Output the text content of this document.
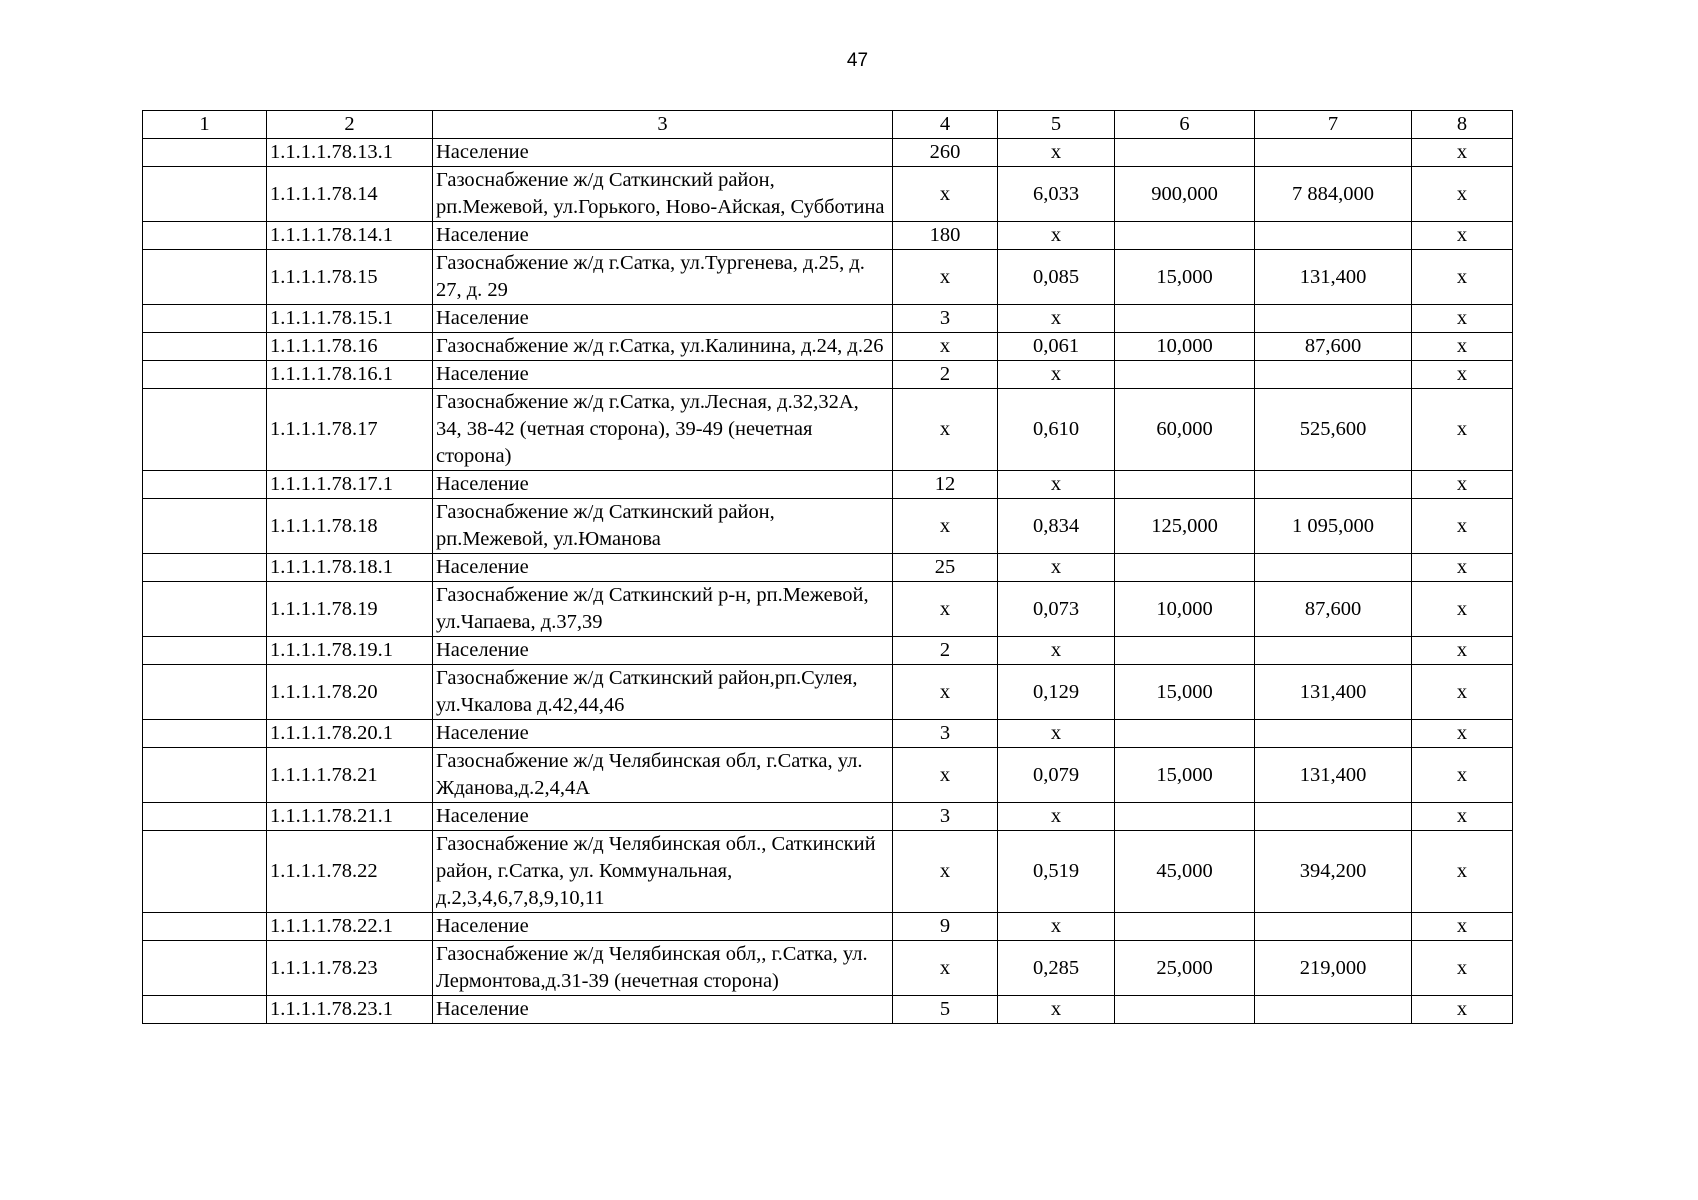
47
1	2	3	4	5	6	7	8
	1.1.1.1.78.13.1	Население	260	x			x
	1.1.1.1.78.14	Газоснабжение ж/д Саткинский район, рп.Межевой, ул.Горького, Ново-Айская, Субботина	x	6,033	900,000	7 884,000	x
	1.1.1.1.78.14.1	Население	180	x			x
	1.1.1.1.78.15	Газоснабжение ж/д г.Сатка, ул.Тургенева, д.25, д. 27, д. 29	x	0,085	15,000	131,400	x
	1.1.1.1.78.15.1	Население	3	x			x
	1.1.1.1.78.16	Газоснабжение ж/д г.Сатка, ул.Калинина, д.24, д.26	x	0,061	10,000	87,600	x
	1.1.1.1.78.16.1	Население	2	x			x
	1.1.1.1.78.17	Газоснабжение ж/д г.Сатка, ул.Лесная, д.32,32А, 34, 38-42 (четная сторона), 39-49 (нечетная сторона)	x	0,610	60,000	525,600	x
	1.1.1.1.78.17.1	Население	12	x			x
	1.1.1.1.78.18	Газоснабжение ж/д Саткинский район, рп.Межевой, ул.Юманова	x	0,834	125,000	1 095,000	x
	1.1.1.1.78.18.1	Население	25	x			x
	1.1.1.1.78.19	Газоснабжение ж/д Саткинский р-н, рп.Межевой, ул.Чапаева, д.37,39	x	0,073	10,000	87,600	x
	1.1.1.1.78.19.1	Население	2	x			x
	1.1.1.1.78.20	Газоснабжение ж/д Саткинский район,рп.Сулея, ул.Чкалова д.42,44,46	x	0,129	15,000	131,400	x
	1.1.1.1.78.20.1	Население	3	x			x
	1.1.1.1.78.21	Газоснабжение ж/д Челябинская обл, г.Сатка, ул. Жданова,д.2,4,4А	x	0,079	15,000	131,400	x
	1.1.1.1.78.21.1	Население	3	x			x
	1.1.1.1.78.22	Газоснабжение ж/д Челябинская обл., Саткинский район, г.Сатка, ул. Коммунальная, д.2,3,4,6,7,8,9,10,11	x	0,519	45,000	394,200	x
	1.1.1.1.78.22.1	Население	9	x			x
	1.1.1.1.78.23	Газоснабжение ж/д Челябинская обл,, г.Сатка, ул. Лермонтова,д.31-39 (нечетная сторона)	x	0,285	25,000	219,000	x
	1.1.1.1.78.23.1	Население	5	x			x
